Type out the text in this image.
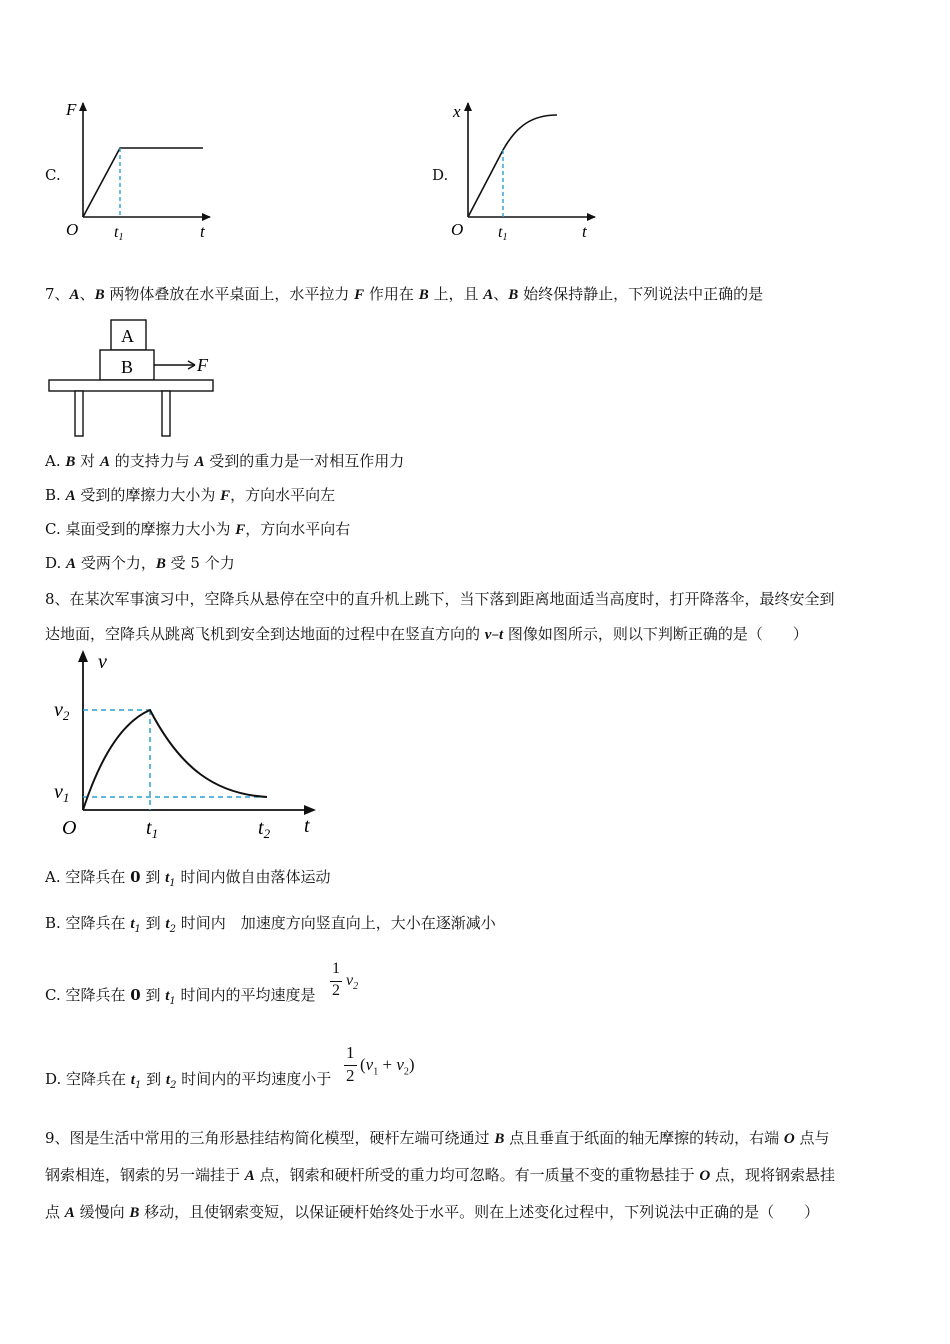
C.
F
O t1	t
D.
x
O t1	t
7、A、B 两物体叠放在水平桌面上，水平拉力 F 作用在 B 上，且 A、B 始终保持静止，下列说法中正确的是
A
B	F
A. B 对 A 的支持力与 A 受到的重力是一对相互作用力
B. A 受到的摩擦力大小为 F，方向水平向左
C. 桌面受到的摩擦力大小为 F，方向水平向右
D. A 受两个力，B 受 5 个力
8、在某次军事演习中，空降兵从悬停在空中的直升机上跳下，当下落到距离地面适当高度时，打开降落伞，最终安全到
达地面，空降兵从跳离飞机到安全到达地面的过程中在竖直方向的 v–t 图像如图所示，则以下判断正确的是（　　）
v
$v_2$
$v_1$
O	$t_1$	$t_2$ t
A. 空降兵在 0 到 $t_1$ 时间内做自由落体运动
B. 空降兵在 $t_1$ 到 $t_2$ 时间内　加速度方向竖直向上，大小在逐渐减小
C. 空降兵在 0 到 $t_1$ 时间内的平均速度是
1
2
$v_2$
D. 空降兵在 $t_1$ 到 $t_2$ 时间内的平均速度小于
1
2
$(v_1 + v_2)$
9、图是生活中常用的三角形悬挂结构简化模型，硬杆左端可绕通过 B 点且垂直于纸面的轴无摩擦的转动，右端 O 点与
钢索相连，钢索的另一端挂于 A 点，钢索和硬杆所受的重力均可忽略。有一质量不变的重物悬挂于 O 点，现将钢索悬挂
点 A 缓慢向 B 移动，且使钢索变短，以保证硬杆始终处于水平。则在上述变化过程中，下列说法中正确的是（　　）
